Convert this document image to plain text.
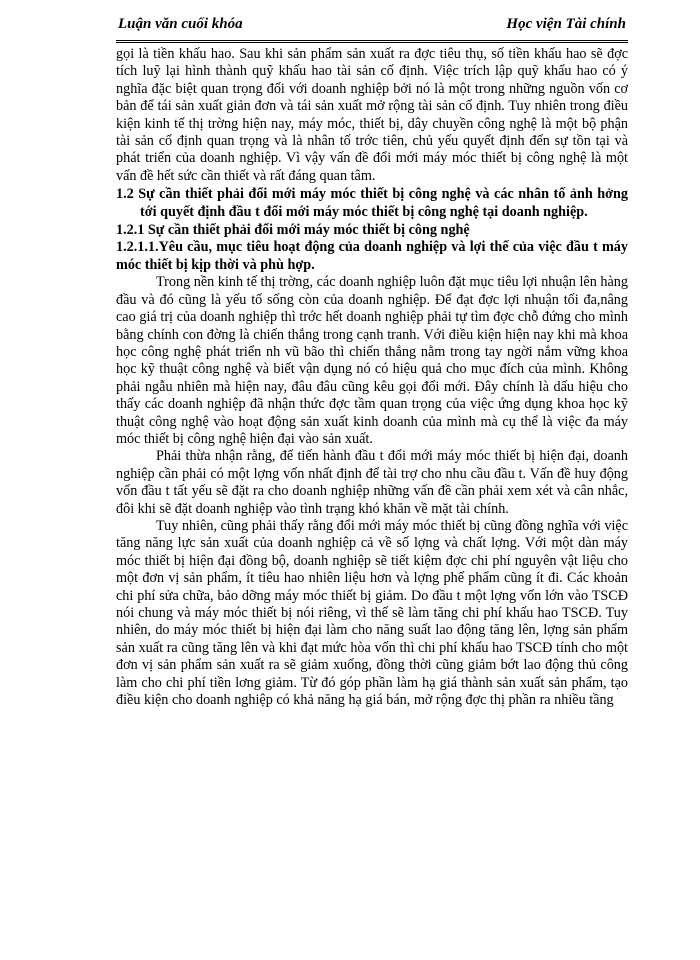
Luận văn cuối khóa	Học viện Tài chính

gọi là tiền khấu hao. Sau khi sản phẩm sản xuất ra đợc tiêu thụ, số tiền khấu hao sẽ đợc tích luỹ lại hình thành quỹ khấu hao tài sản cố định. Việc trích lập quỹ khấu hao có ý nghĩa đặc biệt quan trọng đối với doanh nghiệp bởi nó là một trong những nguồn vốn cơ bản để tái sản xuất giản đơn và tái sản xuất mở rộng tài sản cố định. Tuy nhiên trong điều kiện kinh tế thị trờng hiện nay, máy móc, thiết bị, dây chuyền công nghệ là một bộ phận tài sản cố định quan trọng và là nhân tố trớc tiên, chủ yếu quyết định đến sự tồn tại và phát triển của doanh nghiệp. Vì vậy vấn đề đổi mới máy móc thiết bị công nghệ là một vấn đề hết sức cần thiết và rất đáng quan tâm.

1.2 Sự cần thiết phải đổi mới máy móc thiết bị công nghệ và các nhân tố ảnh hởng tới quyết định đầu t đổi mới máy móc thiết bị công nghệ tại doanh nghiệp.

1.2.1 Sự cần thiết phải đổi mới máy móc thiết bị công nghệ

1.2.1.1.Yêu cầu, mục tiêu hoạt động của doanh nghiệp và lợi thế của việc đầu t máy móc thiết bị kịp thời và phù hợp.

Trong nền kinh tế thị trờng, các doanh nghiệp luôn đặt mục tiêu lợi nhuận lên hàng đầu và đó cũng là yếu tố sống còn của doanh nghiệp. Để đạt đợc lợi nhuận tối đa,nâng cao giá trị của doanh nghiệp thì trớc hết doanh nghiệp phải tự tìm đợc chỗ đứng cho mình bằng chính con đờng là chiến thắng trong cạnh tranh. Với điều kiện hiện nay khi mà khoa học công nghệ phát triển nh vũ bão thì chiến thắng nằm trong tay ngời nắm vững khoa học kỹ thuật công nghệ và biết vận dụng nó có hiệu quả cho mục đích của mình. Không phải ngẫu nhiên mà hiện nay, đâu đâu cũng kêu gọi đổi mới. Đây chính là dấu hiệu cho thấy các doanh nghiệp đã nhận thức đợc tầm quan trọng của việc ứng dụng khoa học kỹ thuật công nghệ vào hoạt động sản xuất kinh doanh của mình mà cụ thể là việc đa máy móc thiết bị công nghệ hiện đại vào sản xuất.

Phải thừa nhận rằng, để tiến hành đầu t đổi mới máy móc thiết bị hiện đại, doanh nghiệp cần phải có một lợng vốn nhất định để tài trợ cho nhu cầu đầu t. Vấn đề huy động vốn đầu t tất yếu sẽ đặt ra cho doanh nghiệp những vấn đề cần phải xem xét và cân nhắc, đôi khi sẽ đặt doanh nghiệp vào tình trạng khó khăn về mặt tài chính.

Tuy nhiên, cũng phải thấy rằng đổi mới máy móc thiết bị cũng đồng nghĩa với việc tăng năng lực sản xuất của doanh nghiệp cả về số lợng và chất lợng. Với một dàn máy móc thiết bị hiện đại đồng bộ, doanh nghiệp sẽ tiết kiệm đợc chi phí nguyên vật liệu cho một đơn vị sản phẩm, ít tiêu hao nhiên liệu hơn và lợng phế phẩm cũng ít đi. Các khoản chi phí sửa chữa, bảo dỡng máy móc thiết bị giảm. Do đầu t một lợng vốn lớn vào TSCĐ nói chung và máy móc thiết bị nói riêng, vì thế sẽ làm tăng chi phí khấu hao TSCĐ. Tuy nhiên, do máy móc thiết bị hiện đại làm cho năng suất lao động tăng lên, lợng sản phẩm sản xuất ra cũng tăng lên và khi đạt mức hòa vốn thì chi phí khấu hao TSCĐ tính cho một đơn vị sản phẩm sản xuất ra sẽ giảm xuống, đồng thời cũng giảm bớt lao động thủ công làm cho chi phí tiền lơng giảm. Từ đó góp phần làm hạ giá thành sản xuất sản phẩm, tạo điều kiện cho doanh nghiệp có khả năng hạ giá bán, mở rộng đợc thị phần ra nhiều tầng
